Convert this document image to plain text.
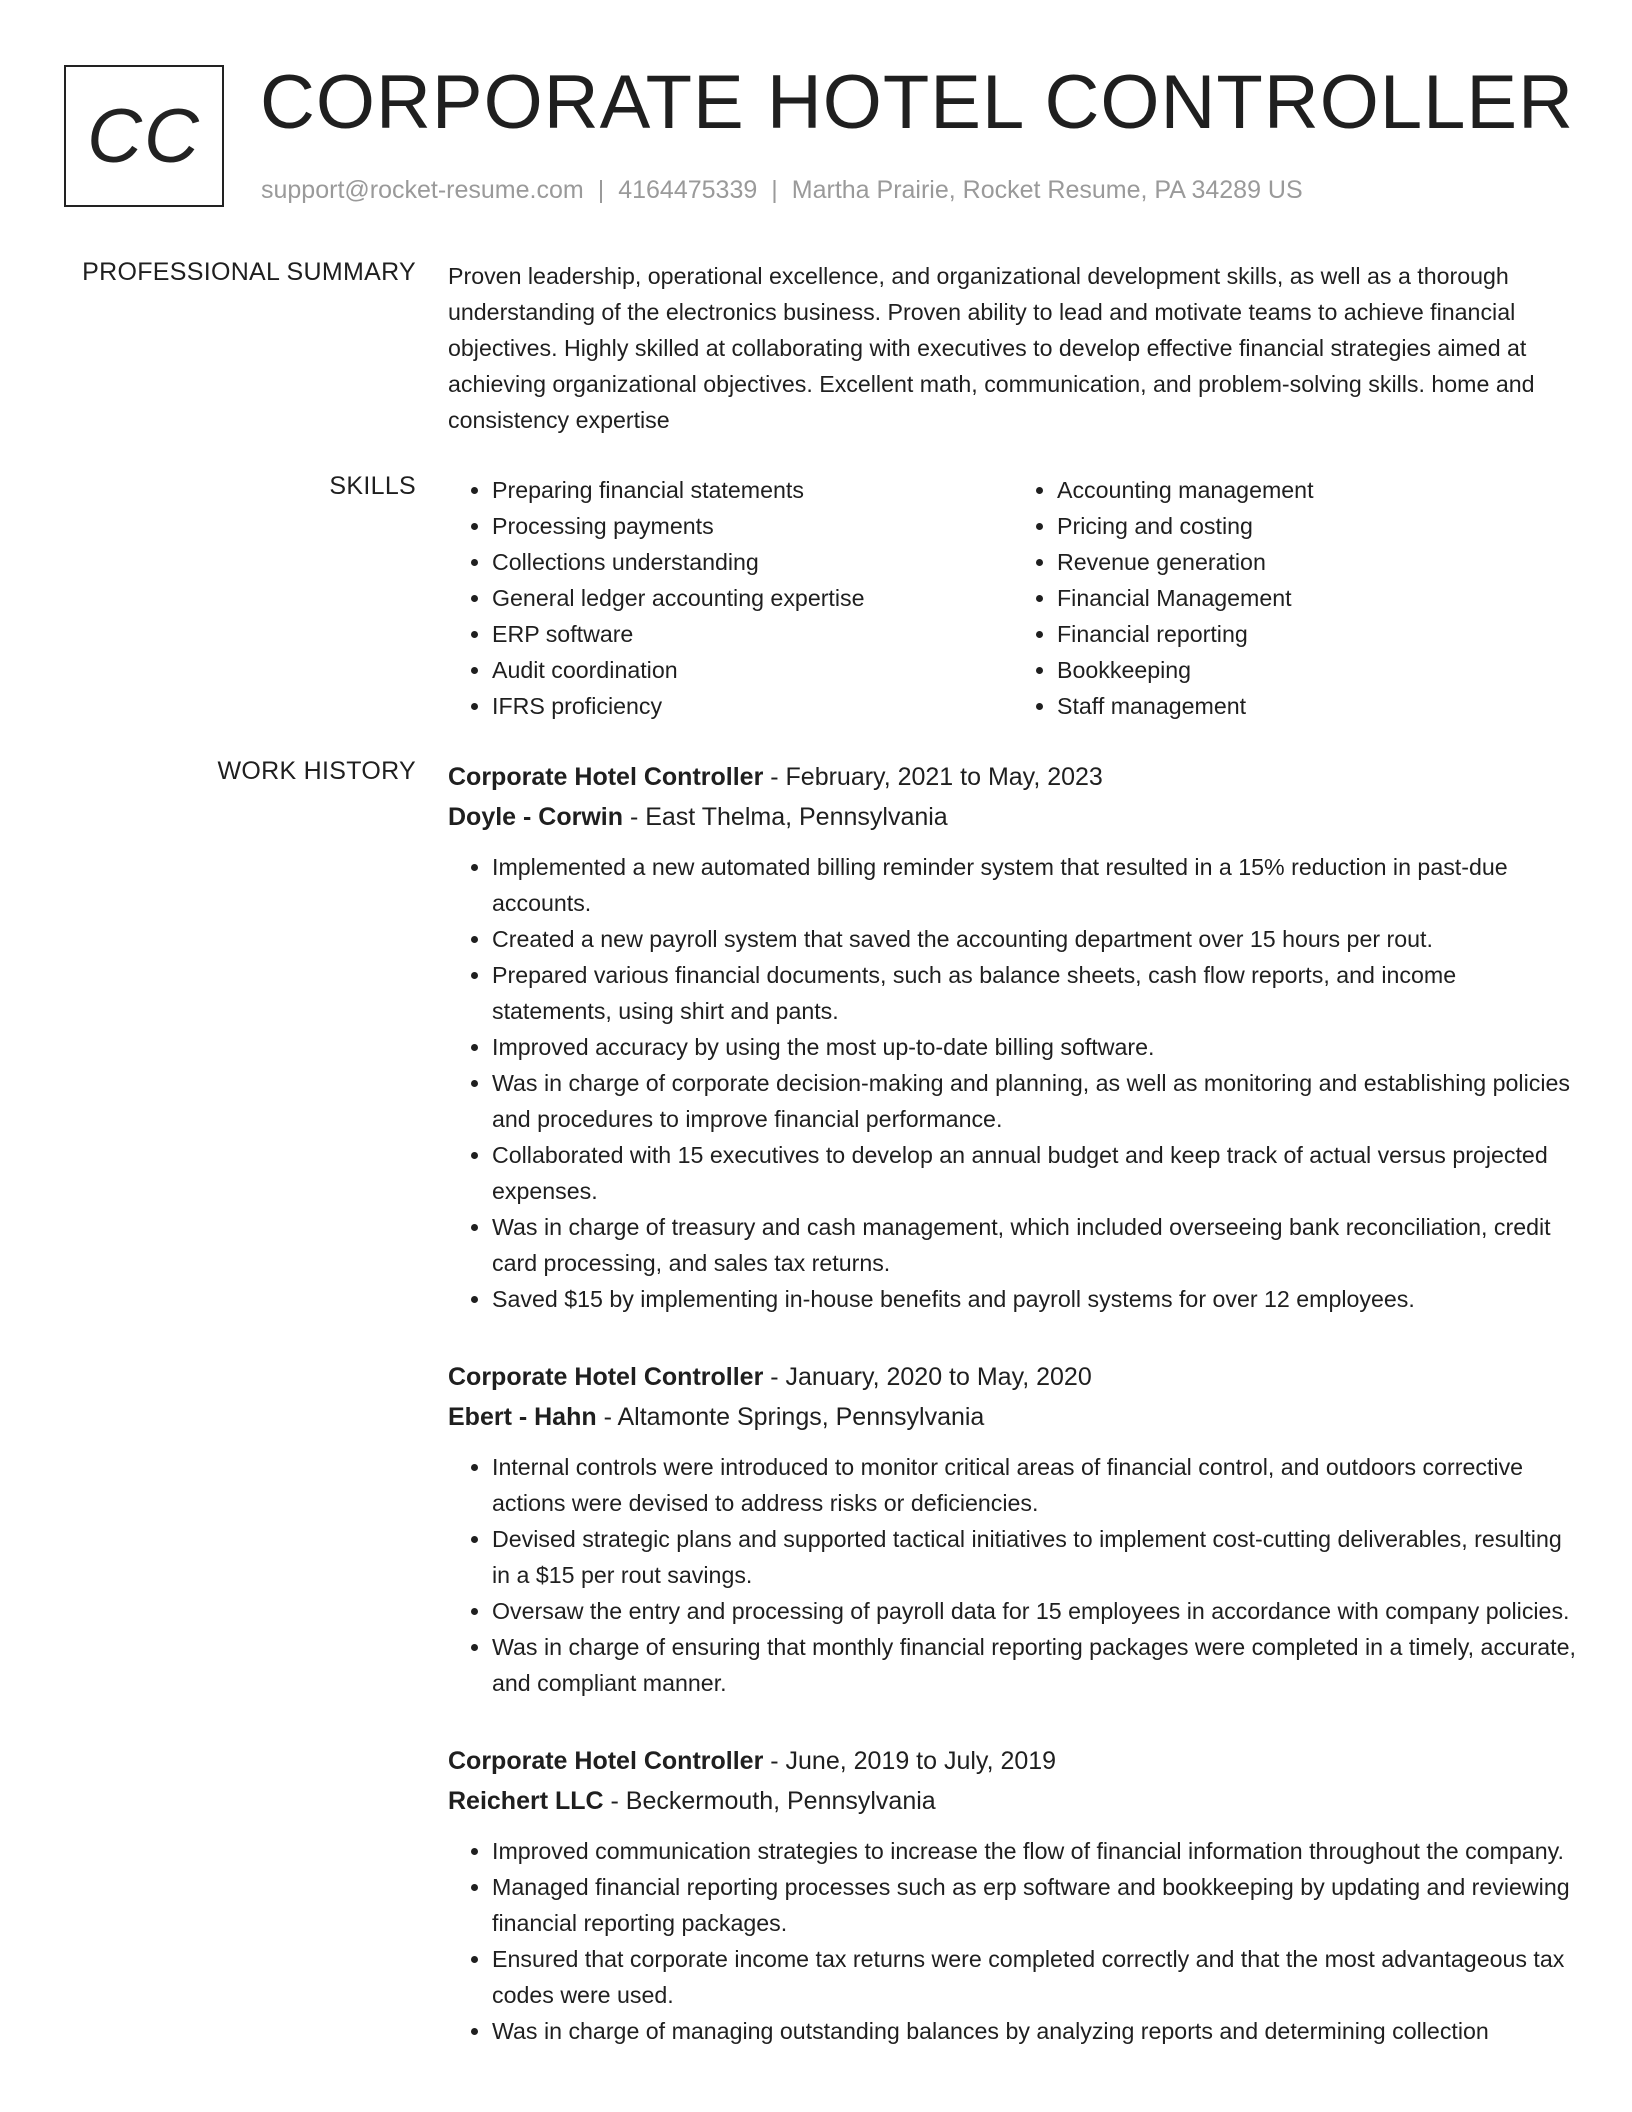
CC CORPORATE HOTEL CONTROLLER
support@rocket-resume.com | 4164475339 | Martha Prairie, Rocket Resume, PA 34289 US
PROFESSIONAL SUMMARY Proven leadership, operational excellence, and organizational development skills, as well as a thorough understanding of the electronics business. Proven ability to lead and motivate teams to achieve financial objectives. Highly skilled at collaborating with executives to develop effective financial strategies aimed at achieving organizational objectives. Excellent math, communication, and problem-solving skills. home and consistency expertise

SKILLS
•	Preparing financial statements
• Processing payments
• Collections understanding
• General ledger accounting expertise
• ERP software
• Audit coordination
• IFRS proficiency
• Accounting management
• Pricing and costing
• Revenue generation
• Financial Management
• Financial reporting
• Bookkeeping
• Staff management
WORK HISTORY Corporate Hotel Controller - February, 2021 to May, 2023
Doyle - Corwin - East Thelma, Pennsylvania
• Implemented a new automated billing reminder system that resulted in a 15% reduction in past-due accounts.
• Created a new payroll system that saved the accounting department over 15 hours per rout.
• Prepared various financial documents, such as balance sheets, cash flow reports, and income statements, using shirt and pants.
• Improved accuracy by using the most up-to-date billing software.
• Was in charge of corporate decision-making and planning, as well as monitoring and establishing policies and procedures to improve financial performance.
• Collaborated with 15 executives to develop an annual budget and keep track of actual versus projected expenses.
• Was in charge of treasury and cash management, which included overseeing bank reconciliation, credit card processing, and sales tax returns.
• Saved $15 by implementing in-house benefits and payroll systems for over 12 employees.
Corporate Hotel Controller - January, 2020 to May, 2020
Ebert - Hahn - Altamonte Springs, Pennsylvania
• Internal controls were introduced to monitor critical areas of financial control, and outdoors corrective actions were devised to address risks or deficiencies.
• Devised strategic plans and supported tactical initiatives to implement cost-cutting deliverables, resulting in a $15 per rout savings.
• Oversaw the entry and processing of payroll data for 15 employees in accordance with company policies.
• Was in charge of ensuring that monthly financial reporting packages were completed in a timely, accurate, and compliant manner.
Corporate Hotel Controller - June, 2019 to July, 2019
Reichert LLC - Beckermouth, Pennsylvania
• Improved communication strategies to increase the flow of financial information throughout the company.
• Managed financial reporting processes such as erp software and bookkeeping by updating and reviewing financial reporting packages.
• Ensured that corporate income tax returns were completed correctly and that the most advantageous tax codes were used.
• Was in charge of managing outstanding balances by analyzing reports and determining collection
